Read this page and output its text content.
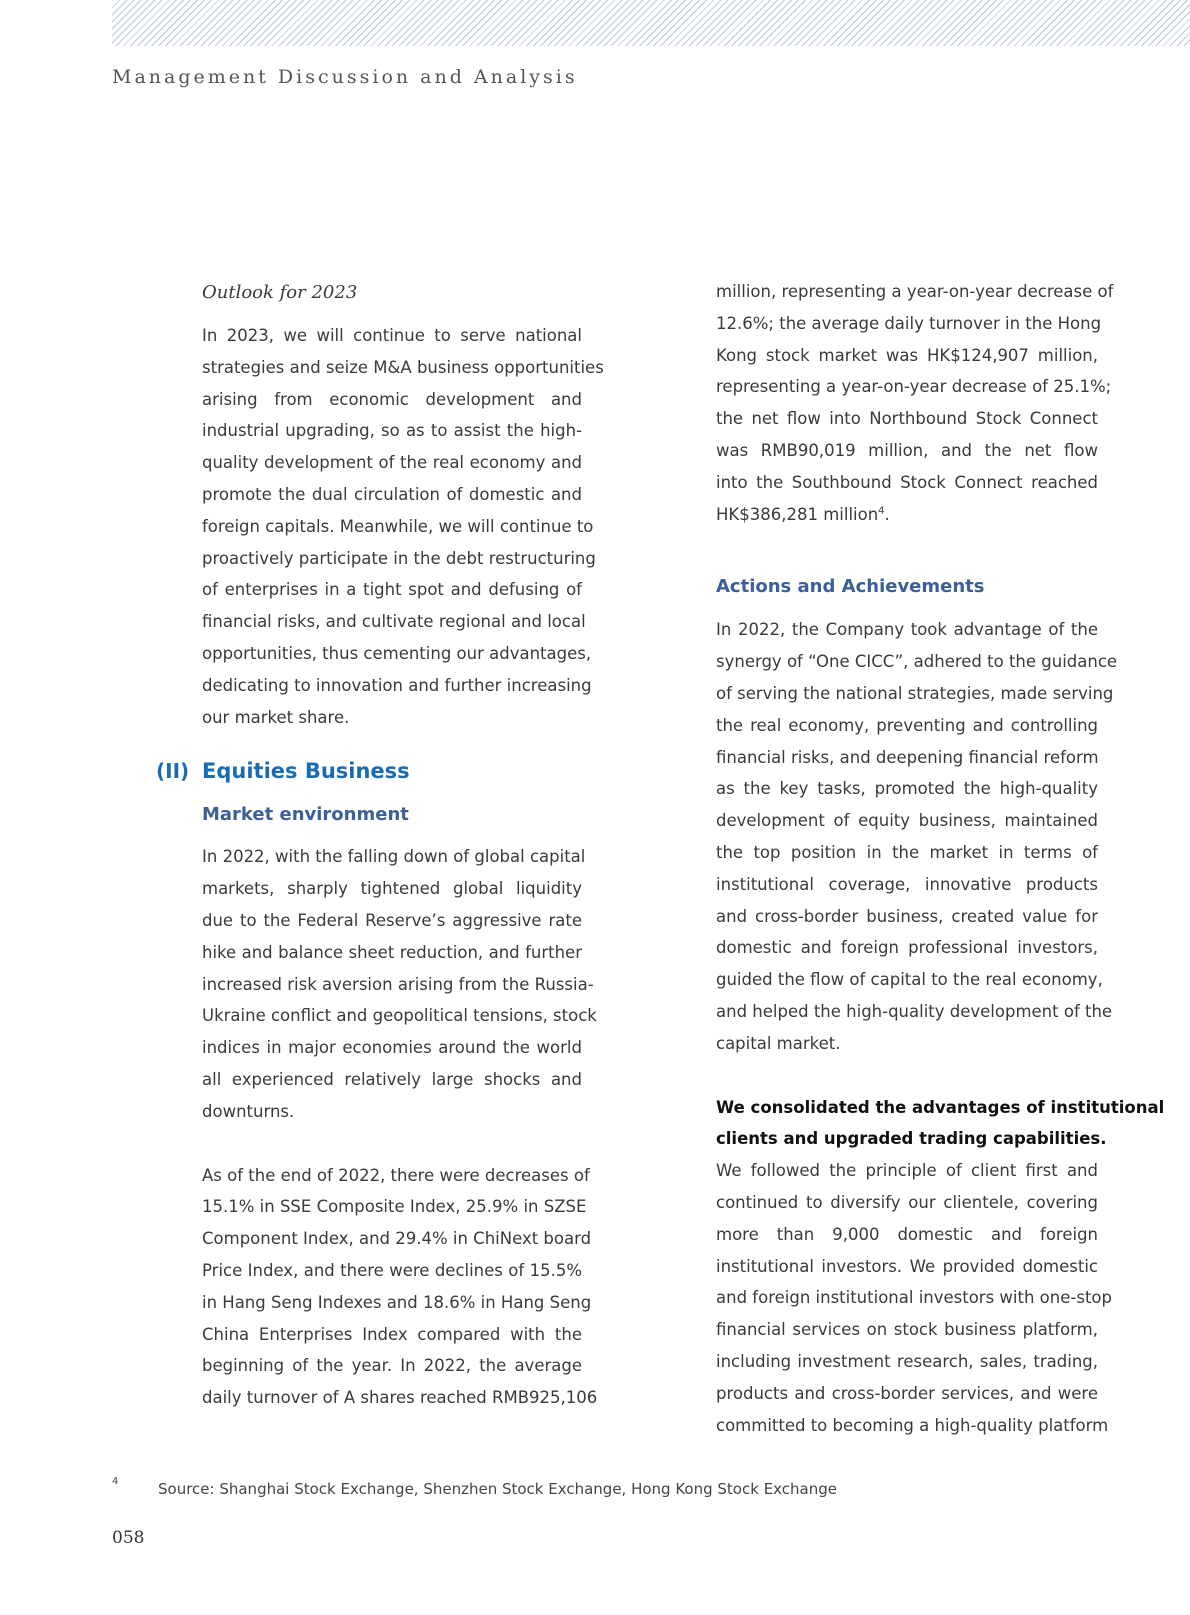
Management Discussion and Analysis
Outlook for 2023
In 2023, we will continue to serve national
strategies and seize M&A business opportunities
arising from economic development and
industrial upgrading, so as to assist the high-
quality development of the real economy and
promote the dual circulation of domestic and
foreign capitals. Meanwhile, we will continue to
proactively participate in the debt restructuring
of enterprises in a tight spot and defusing of
financial risks, and cultivate regional and local
opportunities, thus cementing our advantages,
dedicating to innovation and further increasing
our market share.
(II) Equities Business
Market environment
In 2022, with the falling down of global capital
markets, sharply tightened global liquidity
due to the Federal Reserve’s aggressive rate
hike and balance sheet reduction, and further
increased risk aversion arising from the Russia-
Ukraine conflict and geopolitical tensions, stock
indices in major economies around the world
all experienced relatively large shocks and
downturns.
As of the end of 2022, there were decreases of
15.1% in SSE Composite Index, 25.9% in SZSE
Component Index, and 29.4% in ChiNext board
Price Index, and there were declines of 15.5%
in Hang Seng Indexes and 18.6% in Hang Seng
China Enterprises Index compared with the
beginning of the year. In 2022, the average
daily turnover of A shares reached RMB925,106
million, representing a year-on-year decrease of
12.6%; the average daily turnover in the Hong
Kong stock market was HK$124,907 million,
representing a year-on-year decrease of 25.1%;
the net flow into Northbound Stock Connect
was RMB90,019 million, and the net flow
into the Southbound Stock Connect reached
HK$386,281 million$^4$.
Actions and Achievements
In 2022, the Company took advantage of the
synergy of “One CICC”, adhered to the guidance
of serving the national strategies, made serving
the real economy, preventing and controlling
financial risks, and deepening financial reform
as the key tasks, promoted the high-quality
development of equity business, maintained
the top position in the market in terms of
institutional coverage, innovative products
and cross-border business, created value for
domestic and foreign professional investors,
guided the flow of capital to the real economy,
and helped the high-quality development of the
capital market.
We consolidated the advantages of institutional
clients and upgraded trading capabilities.
We followed the principle of client first and
continued to diversify our clientele, covering
more than 9,000 domestic and foreign
institutional investors. We provided domestic
and foreign institutional investors with one-stop
financial services on stock business platform,
including investment research, sales, trading,
products and cross-border services, and were
committed to becoming a high-quality platform
4	Source: Shanghai Stock Exchange, Shenzhen Stock Exchange, Hong Kong Stock Exchange
058
